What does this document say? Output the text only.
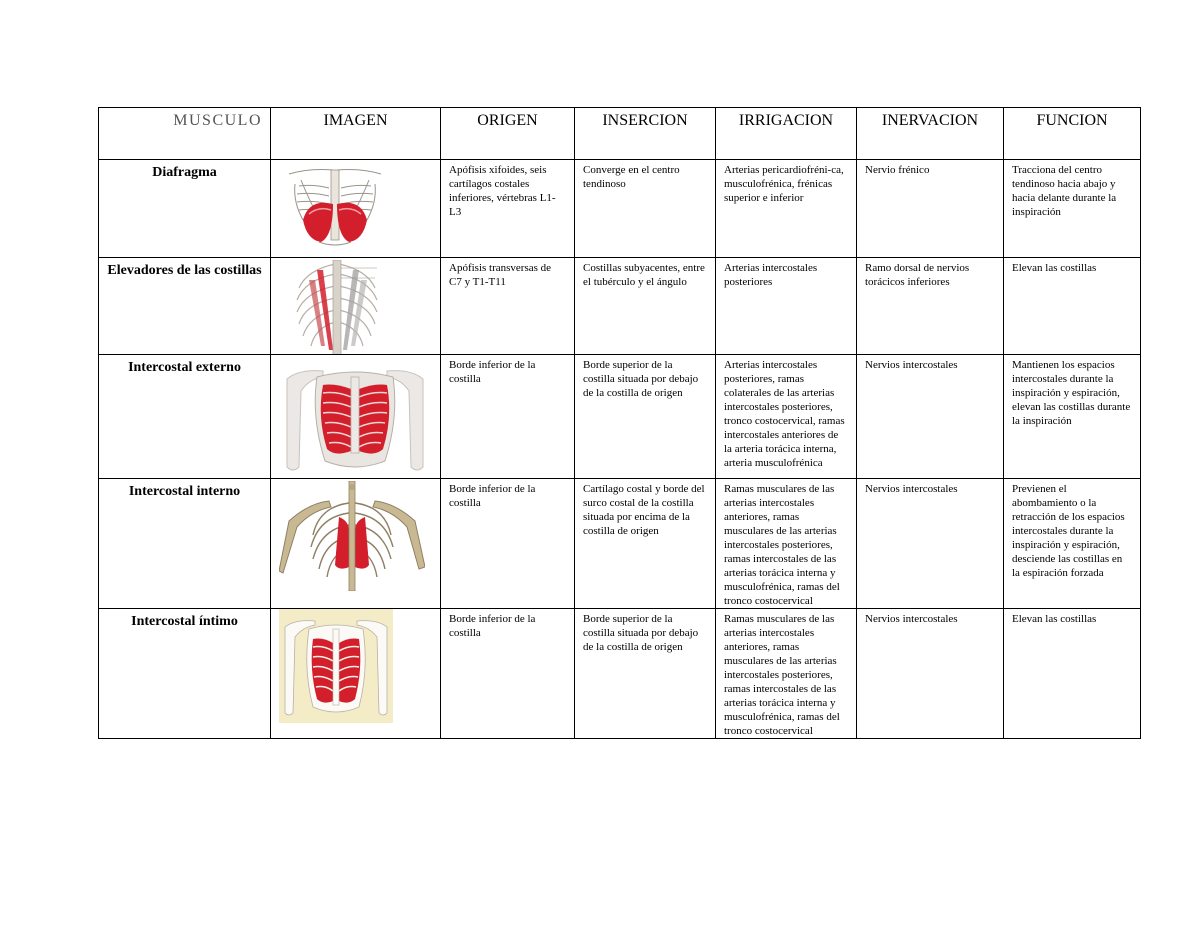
MUSCULO	IMAGEN	ORIGEN	INSERCION	IRRIGACION	INERVACION	FUNCION
Diafragma		Apófisis xifoides, seis cartílagos costales inferiores, vértebras L1-L3	Converge en el centro tendinoso	Arterias pericardiofréni-ca, musculofrénica, frénicas superior e inferior	Nervio frénico	Tracciona del centro tendinoso hacia abajo y hacia delante durante la inspiración
Elevadores de las costillas		Apófisis transversas de C7 y T1-T11	Costillas subyacentes, entre el tubérculo y el ángulo	Arterias intercostales posteriores	Ramo dorsal de nervios torácicos inferiores	Elevan las costillas
Intercostal externo		Borde inferior de la costilla	Borde superior de la costilla situada por debajo de la costilla de origen	Arterias intercostales posteriores, ramas colaterales de las arterias intercostales posteriores, tronco costocervical, ramas intercostales anteriores de la arteria torácica interna, arteria musculofrénica	Nervios intercostales	Mantienen los espacios intercostales durante la inspiración y espiración, elevan las costillas durante la inspiración
Intercostal interno		Borde inferior de la costilla	Cartílago costal y borde del surco costal de la costilla situada por encima de la costilla de origen	Ramas musculares de las arterias intercostales anteriores, ramas musculares de las arterias intercostales posteriores, ramas intercostales de las arterias torácica interna y musculofrénica, ramas del tronco costocervical	Nervios intercostales	Previenen el abombamiento o la retracción de los espacios intercostales durante la inspiración y espiración, desciende las costillas en la espiración forzada
Intercostal íntimo		Borde inferior de la costilla	Borde superior de la costilla situada por debajo de la costilla de origen	Ramas musculares de las arterias intercostales anteriores, ramas musculares de las arterias intercostales posteriores, ramas intercostales de las arterias torácica interna y musculofrénica, ramas del tronco costocervical	Nervios intercostales	Elevan las costillas
